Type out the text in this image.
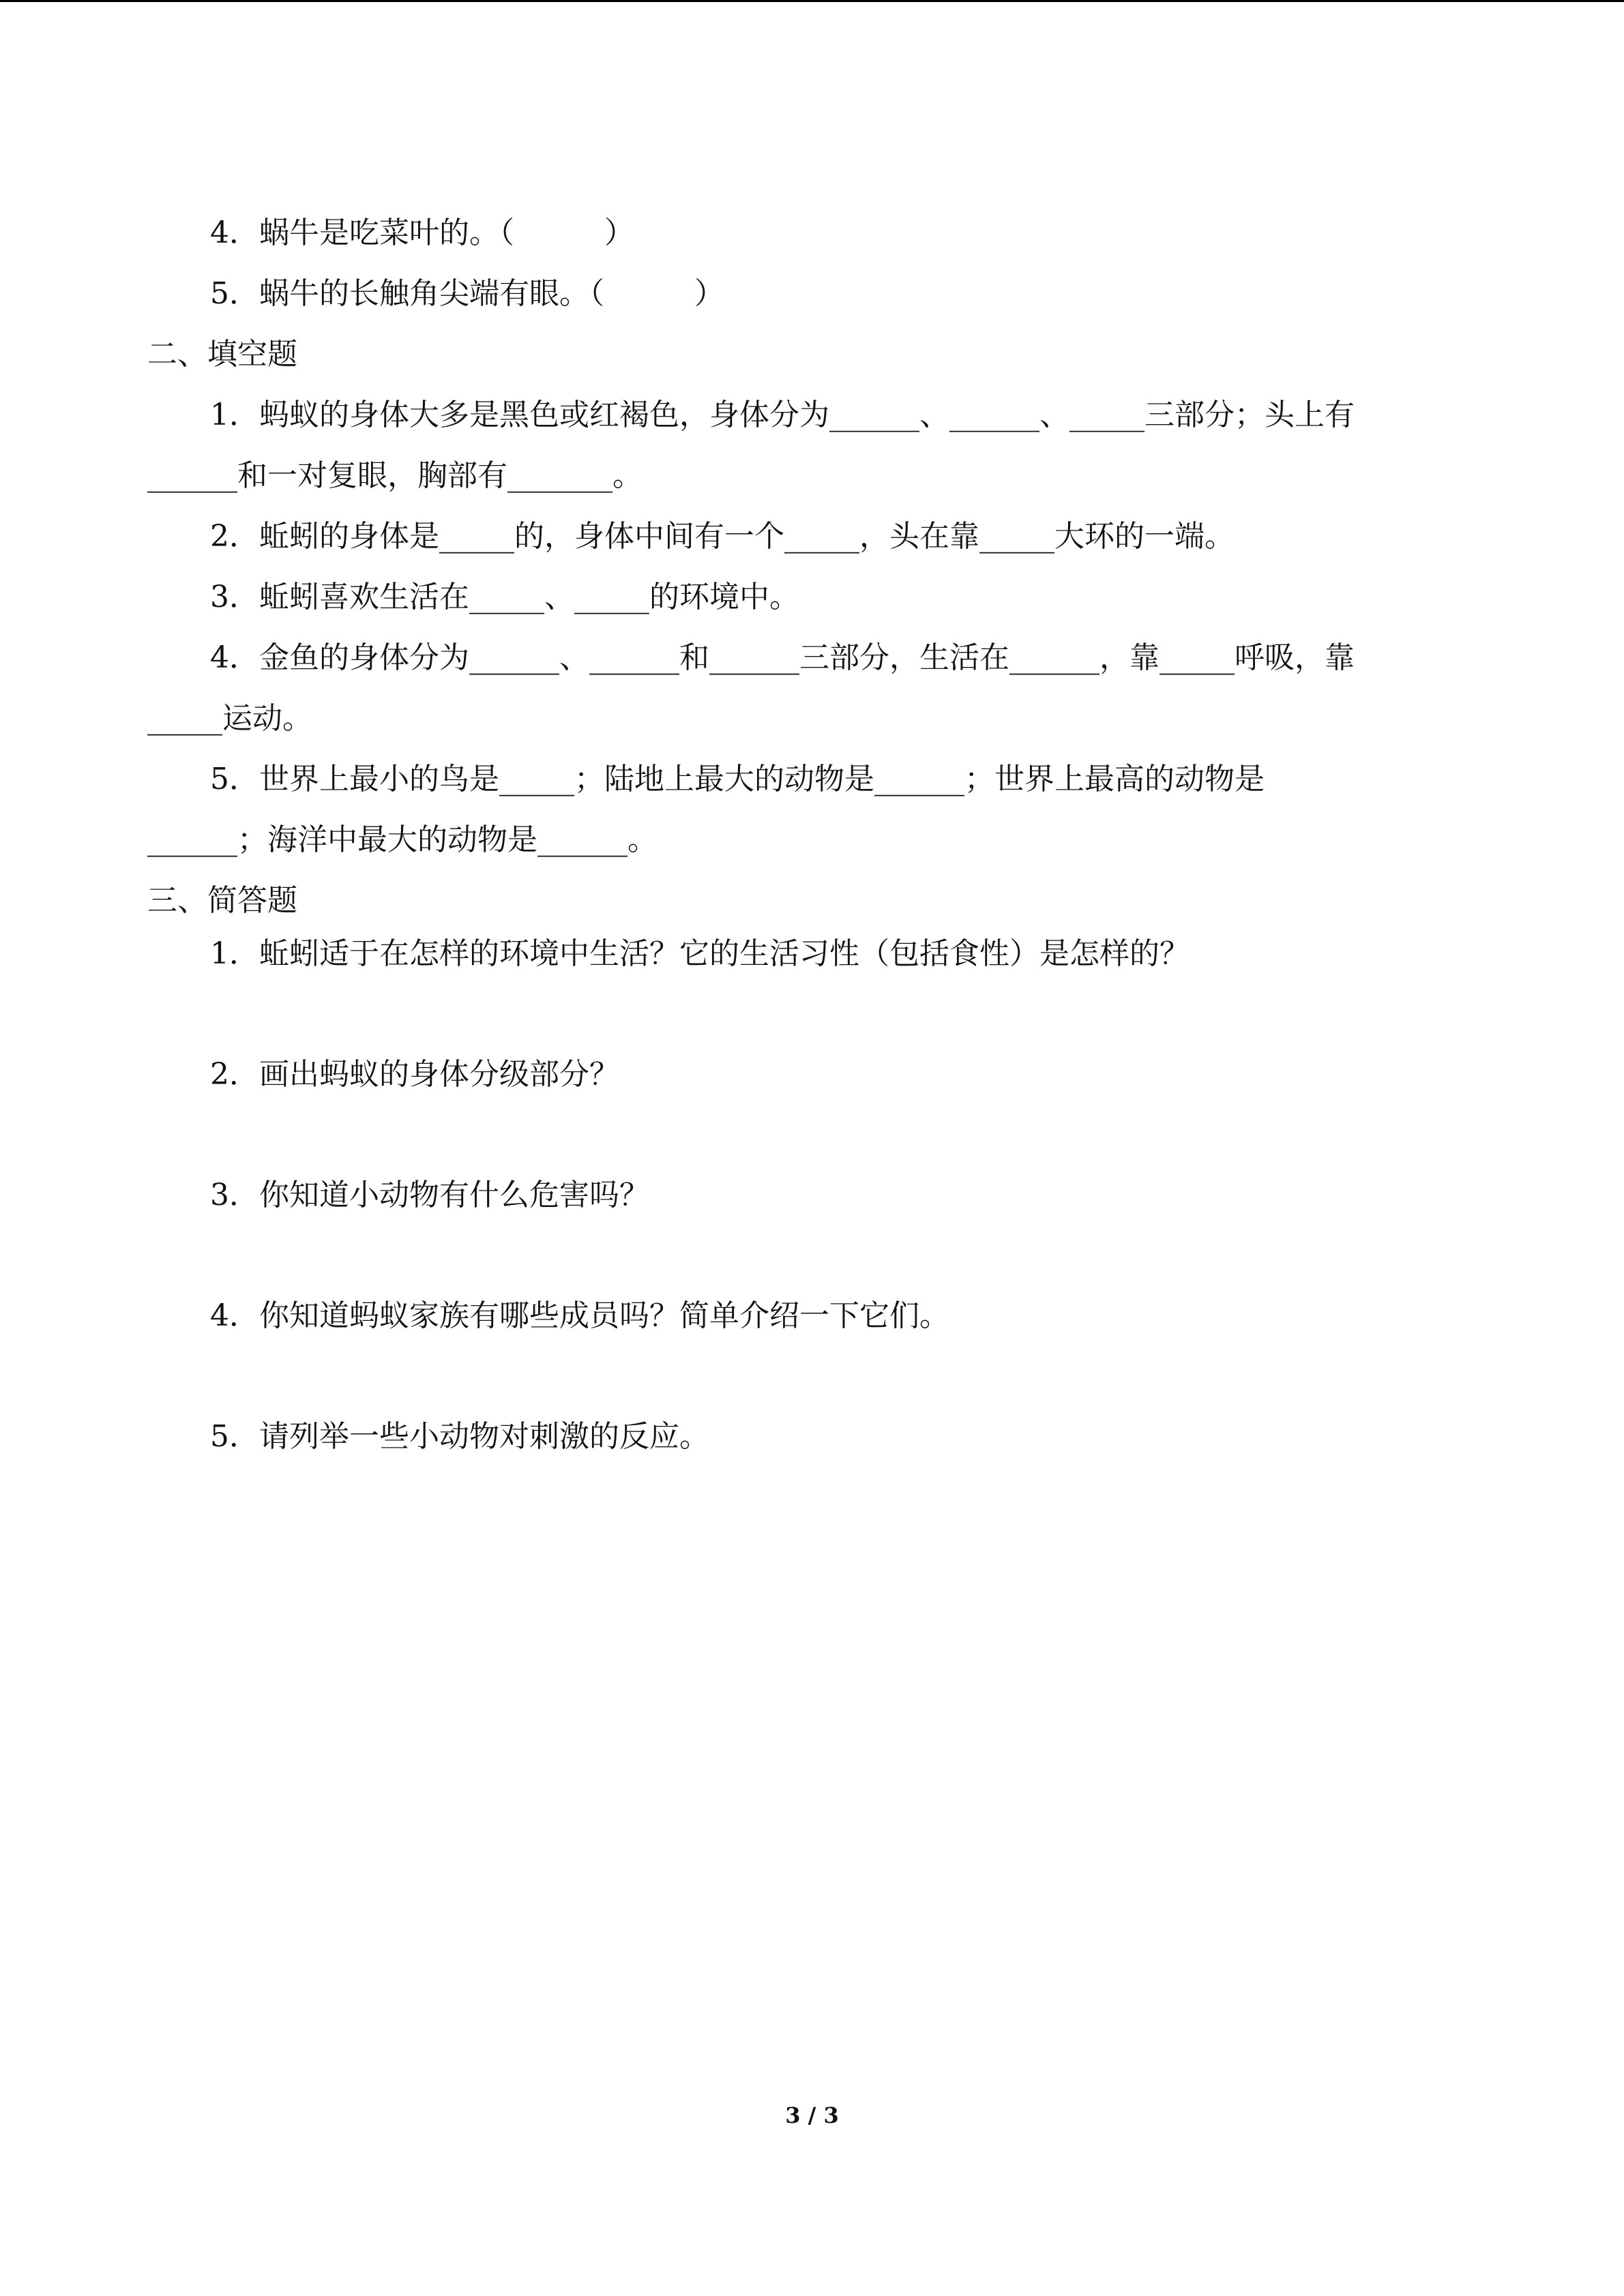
4．蜗牛是吃菜叶的。（　　　）
5．蜗牛的长触角尖端有眼。（　　　）
二、填空题
1．蚂蚁的身体大多是黑色或红褐色，身体分为______、______、_____三部分；头上有
______和一对复眼，胸部有_______。
2．蚯蚓的身体是_____的，身体中间有一个_____，头在靠_____大环的一端。
3．蚯蚓喜欢生活在_____、_____的环境中。
4．金鱼的身体分为______、______和______三部分，生活在______，靠_____呼吸，靠
_____运动。
5．世界上最小的鸟是_____；陆地上最大的动物是______；世界上最高的动物是
______；海洋中最大的动物是______。
三、简答题
1．蚯蚓适于在怎样的环境中生活？它的生活习性（包括食性）是怎样的？
2．画出蚂蚁的身体分级部分？
3．你知道小动物有什么危害吗？
4．你知道蚂蚁家族有哪些成员吗？简单介绍一下它们。
5．请列举一些小动物对刺激的反应。
3 / 3
